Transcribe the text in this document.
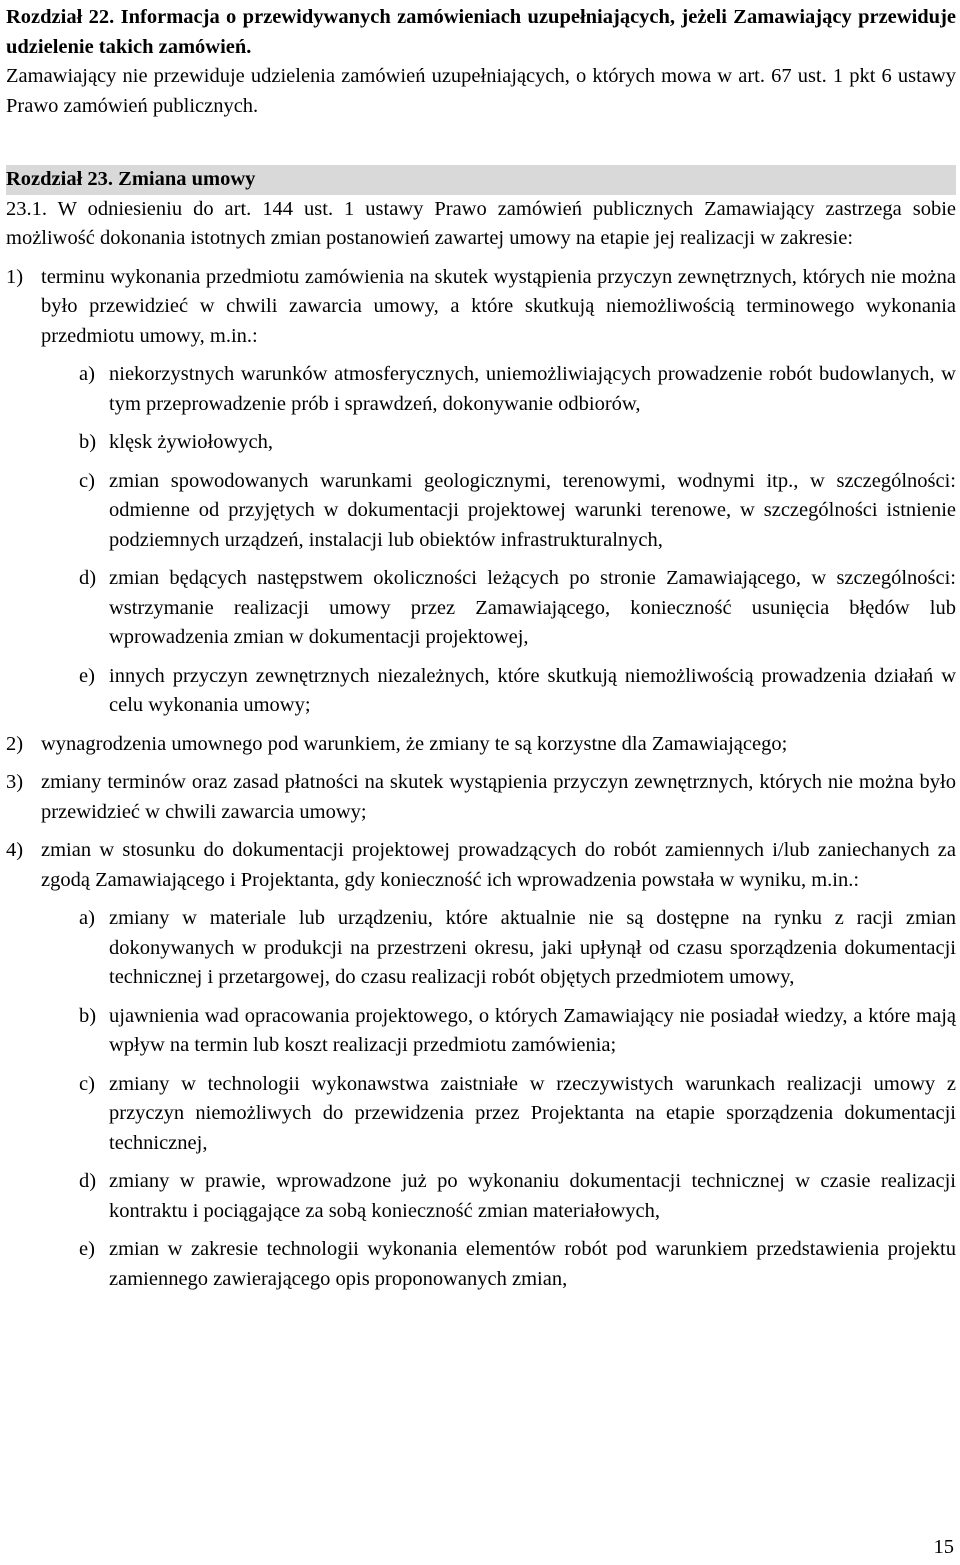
Rozdział 22. Informacja o przewidywanych zamówieniach uzupełniających, jeżeli Zamawiający przewiduje udzielenie takich zamówień.

Zamawiający nie przewiduje udzielenia zamówień uzupełniających, o których mowa w art. 67 ust. 1 pkt 6 ustawy Prawo zamówień publicznych.

Rozdział 23. Zmiana umowy

23.1. W odniesieniu do art. 144 ust. 1 ustawy Prawo zamówień publicznych Zamawiający zastrzega sobie możliwość dokonania istotnych zmian postanowień zawartej umowy na etapie jej realizacji w zakresie:

1) terminu wykonania przedmiotu zamówienia na skutek wystąpienia przyczyn zewnętrznych, których nie można było przewidzieć w chwili zawarcia umowy, a które skutkują niemożliwością terminowego wykonania przedmiotu umowy, m.in.:
a) niekorzystnych warunków atmosferycznych, uniemożliwiających prowadzenie robót budowlanych, w tym przeprowadzenie prób i sprawdzeń, dokonywanie odbiorów,
b) klęsk żywiołowych,
c) zmian spowodowanych warunkami geologicznymi, terenowymi, wodnymi itp., w szczególności: odmienne od przyjętych w dokumentacji projektowej warunki terenowe, w szczególności istnienie podziemnych urządzeń, instalacji lub obiektów infrastrukturalnych,
d) zmian będących następstwem okoliczności leżących po stronie Zamawiającego, w szczególności: wstrzymanie realizacji umowy przez Zamawiającego, konieczność usunięcia błędów lub wprowadzenia zmian w dokumentacji projektowej,
e) innych przyczyn zewnętrznych niezależnych, które skutkują niemożliwością prowadzenia działań w celu wykonania umowy;
2) wynagrodzenia umownego pod warunkiem, że zmiany te są korzystne dla Zamawiającego;
3) zmiany terminów oraz zasad płatności na skutek wystąpienia przyczyn zewnętrznych, których nie można było przewidzieć w chwili zawarcia umowy;
4) zmian w stosunku do dokumentacji projektowej prowadzących do robót zamiennych i/lub zaniechanych za zgodą Zamawiającego i Projektanta, gdy konieczność ich wprowadzenia powstała w wyniku, m.in.:
a) zmiany w materiale lub urządzeniu, które aktualnie nie są dostępne na rynku z racji zmian dokonywanych w produkcji na przestrzeni okresu, jaki upłynął od czasu sporządzenia dokumentacji technicznej i przetargowej, do czasu realizacji robót objętych przedmiotem umowy,
b) ujawnienia wad opracowania projektowego, o których Zamawiający nie posiadał wiedzy, a które mają wpływ na termin lub koszt realizacji przedmiotu zamówienia;
c) zmiany w technologii wykonawstwa zaistniałe w rzeczywistych warunkach realizacji umowy z przyczyn niemożliwych do przewidzenia przez Projektanta na etapie sporządzenia dokumentacji technicznej,
d) zmiany w prawie, wprowadzone już po wykonaniu dokumentacji technicznej w czasie realizacji kontraktu i pociągające za sobą konieczność zmian materiałowych,
e) zmian w zakresie technologii wykonania elementów robót pod warunkiem przedstawienia projektu zamiennego zawierającego opis proponowanych zmian,
15
